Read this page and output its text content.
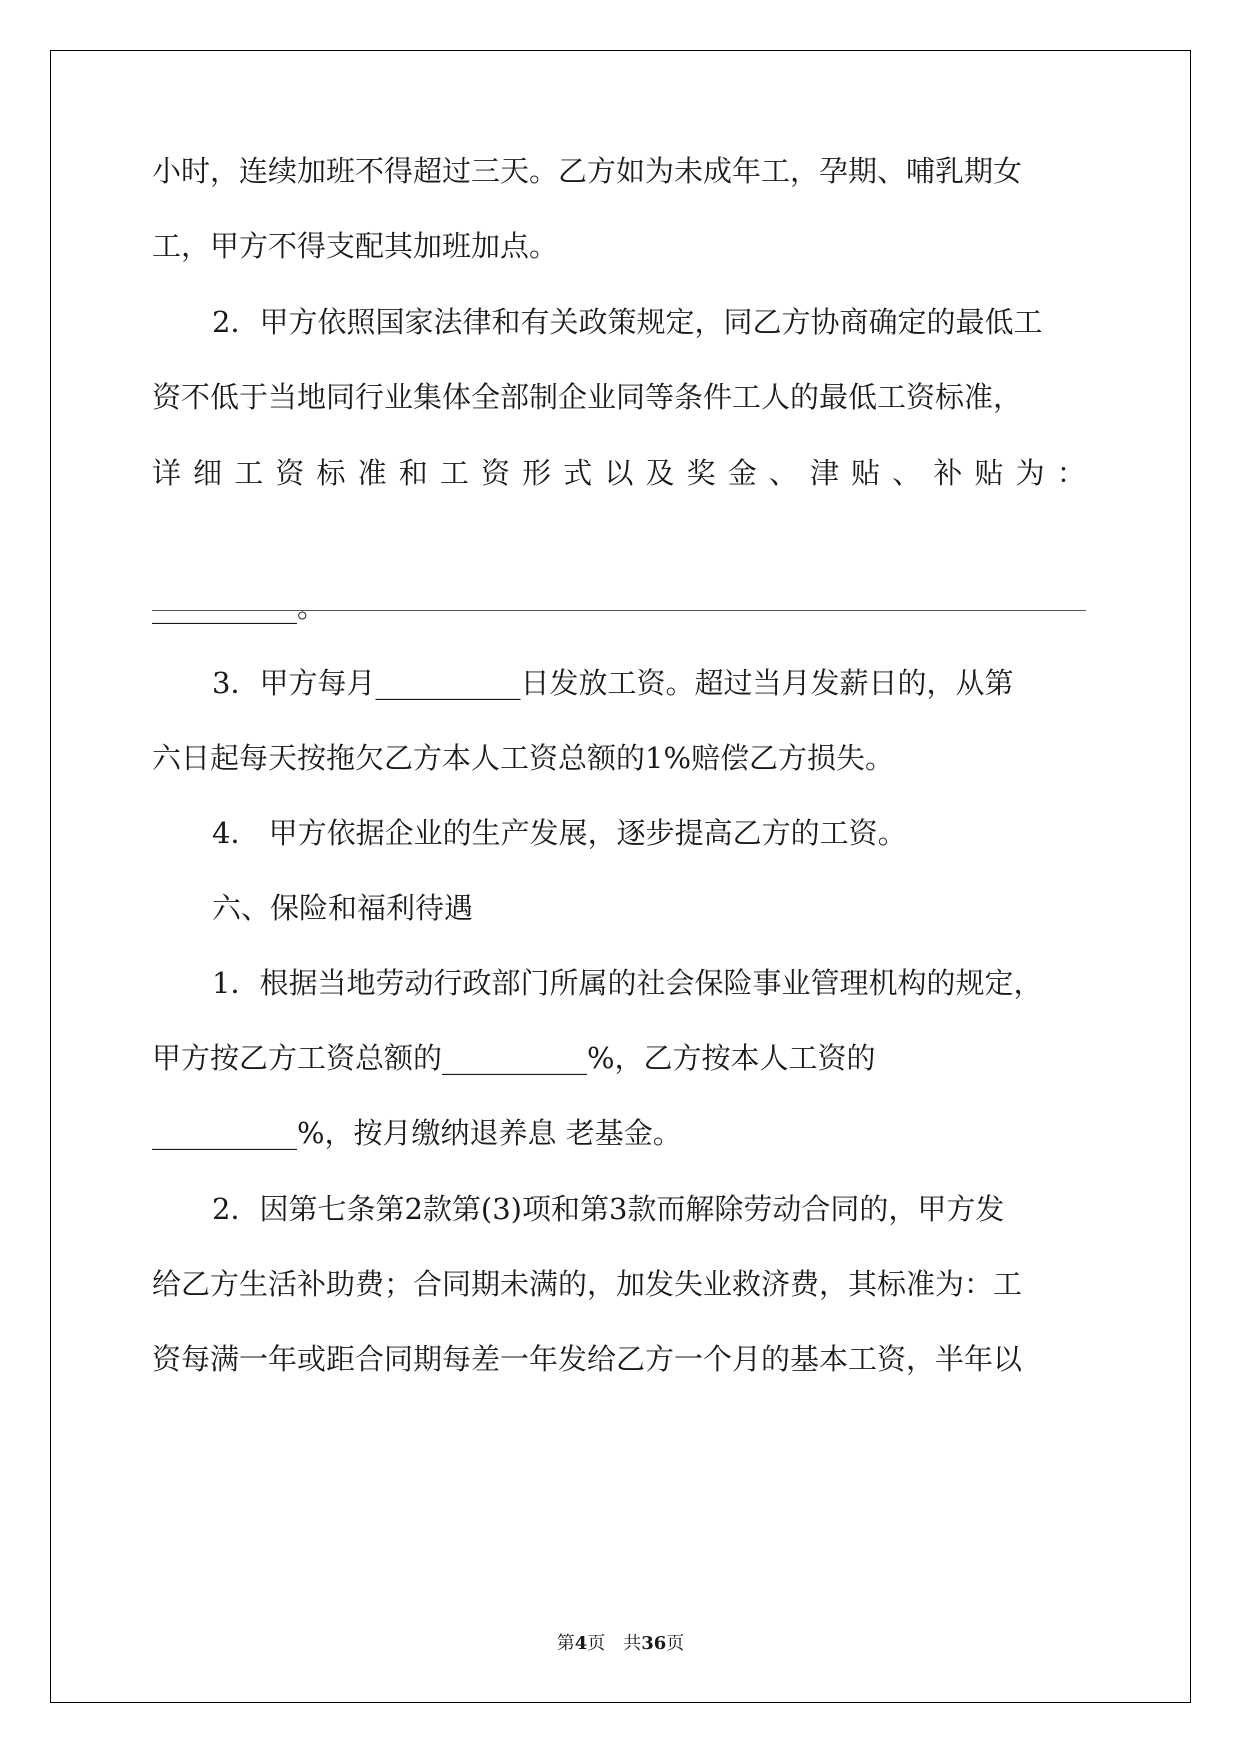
小时，连续加班不得超过三天。乙方如为未成年工，孕期、哺乳期女
工，甲方不得支配其加班加点。
2．甲方依照国家法律和有关政策规定，同乙方协商确定的最低工
资不低于当地同行业集体全部制企业同等条件工人的最低工资标准，
详 细 工 资 标 准 和 工 资 形 式 以 及 奖 金 、 津 贴 、 补 贴 为 ：
__________。
3．甲方每月__________日发放工资。超过当月发薪日的，从第
六日起每天按拖欠乙方本人工资总额的1%赔偿乙方损失。
4． 甲方依据企业的生产发展，逐步提高乙方的工资。
六、保险和福利待遇
1．根据当地劳动行政部门所属的社会保险事业管理机构的规定，
甲方按乙方工资总额的__________%，乙方按本人工资的
__________%，按月缴纳退养息 老基金。
2．因第七条第2款第(3)项和第3款而解除劳动合同的，甲方发
给乙方生活补助费；合同期未满的，加发失业救济费，其标准为：工
资每满一年或距合同期每差一年发给乙方一个月的基本工资，半年以
第4页　共36页
